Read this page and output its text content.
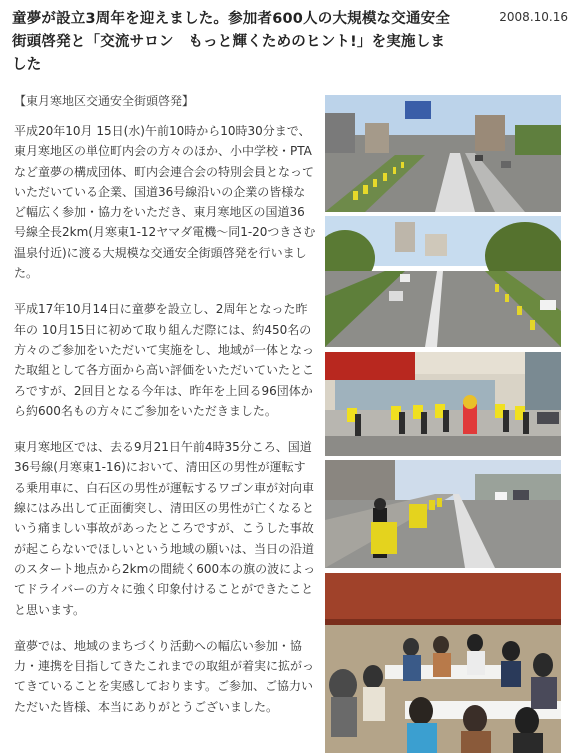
童夢が設立3周年を迎えました。参加者600人の大規模な交通安全街頭啓発と「交流サロン　もっと輝くためのヒント!」を実施しました
2008.10.16
【東月寒地区交通安全街頭啓発】

平成20年10月 15日(水)午前10時から10時30分まで、東月寒地区の単位町内会の方々のほか、小中学校・PTAなど童夢の構成団体、町内会連合会の特別会員となっていただいている企業、国道36号線沿いの企業の皆様など幅広く参加・協力をいただき、東月寒地区の国道36号線全長2km(月寒東1-12ヤマダ電機〜同1-20つきさむ温泉付近)に渡る大規模な交通安全街頭啓発を行いました。

平成17年10月14日に童夢を設立し、2周年となった昨年の 10月15日に初めて取り組んだ際には、約450名の方々のご参加をいただいて実施をし、地域が一体となった取組として各方面から高い評価をいただいていたところですが、2回目となる今年は、昨年を上回る96団体から約600名もの方々にご参加をいただきました。

東月寒地区では、去る9月21日午前4時35分ころ、国道36号線(月寒東1-16)において、清田区の男性が運転する乗用車に、白石区の男性が運転するワゴン車が対向車線にはみ出して正面衝突し、清田区の男性が亡くなるという痛ましい事故があったところですが、こうした事故が起こらないでほしいという地域の願いは、当日の沿道のスタート地点から2kmの間続く600本の旗の波によってドライバーの方々に強く印象付けることができたことと思います。

童夢では、地域のまちづくり活動への幅広い参加・協力・連携を目指してきたこれまでの取組が着実に拡がってきていることを実感しております。ご参加、ご協力いただいた皆様、本当にありがとうございました。
